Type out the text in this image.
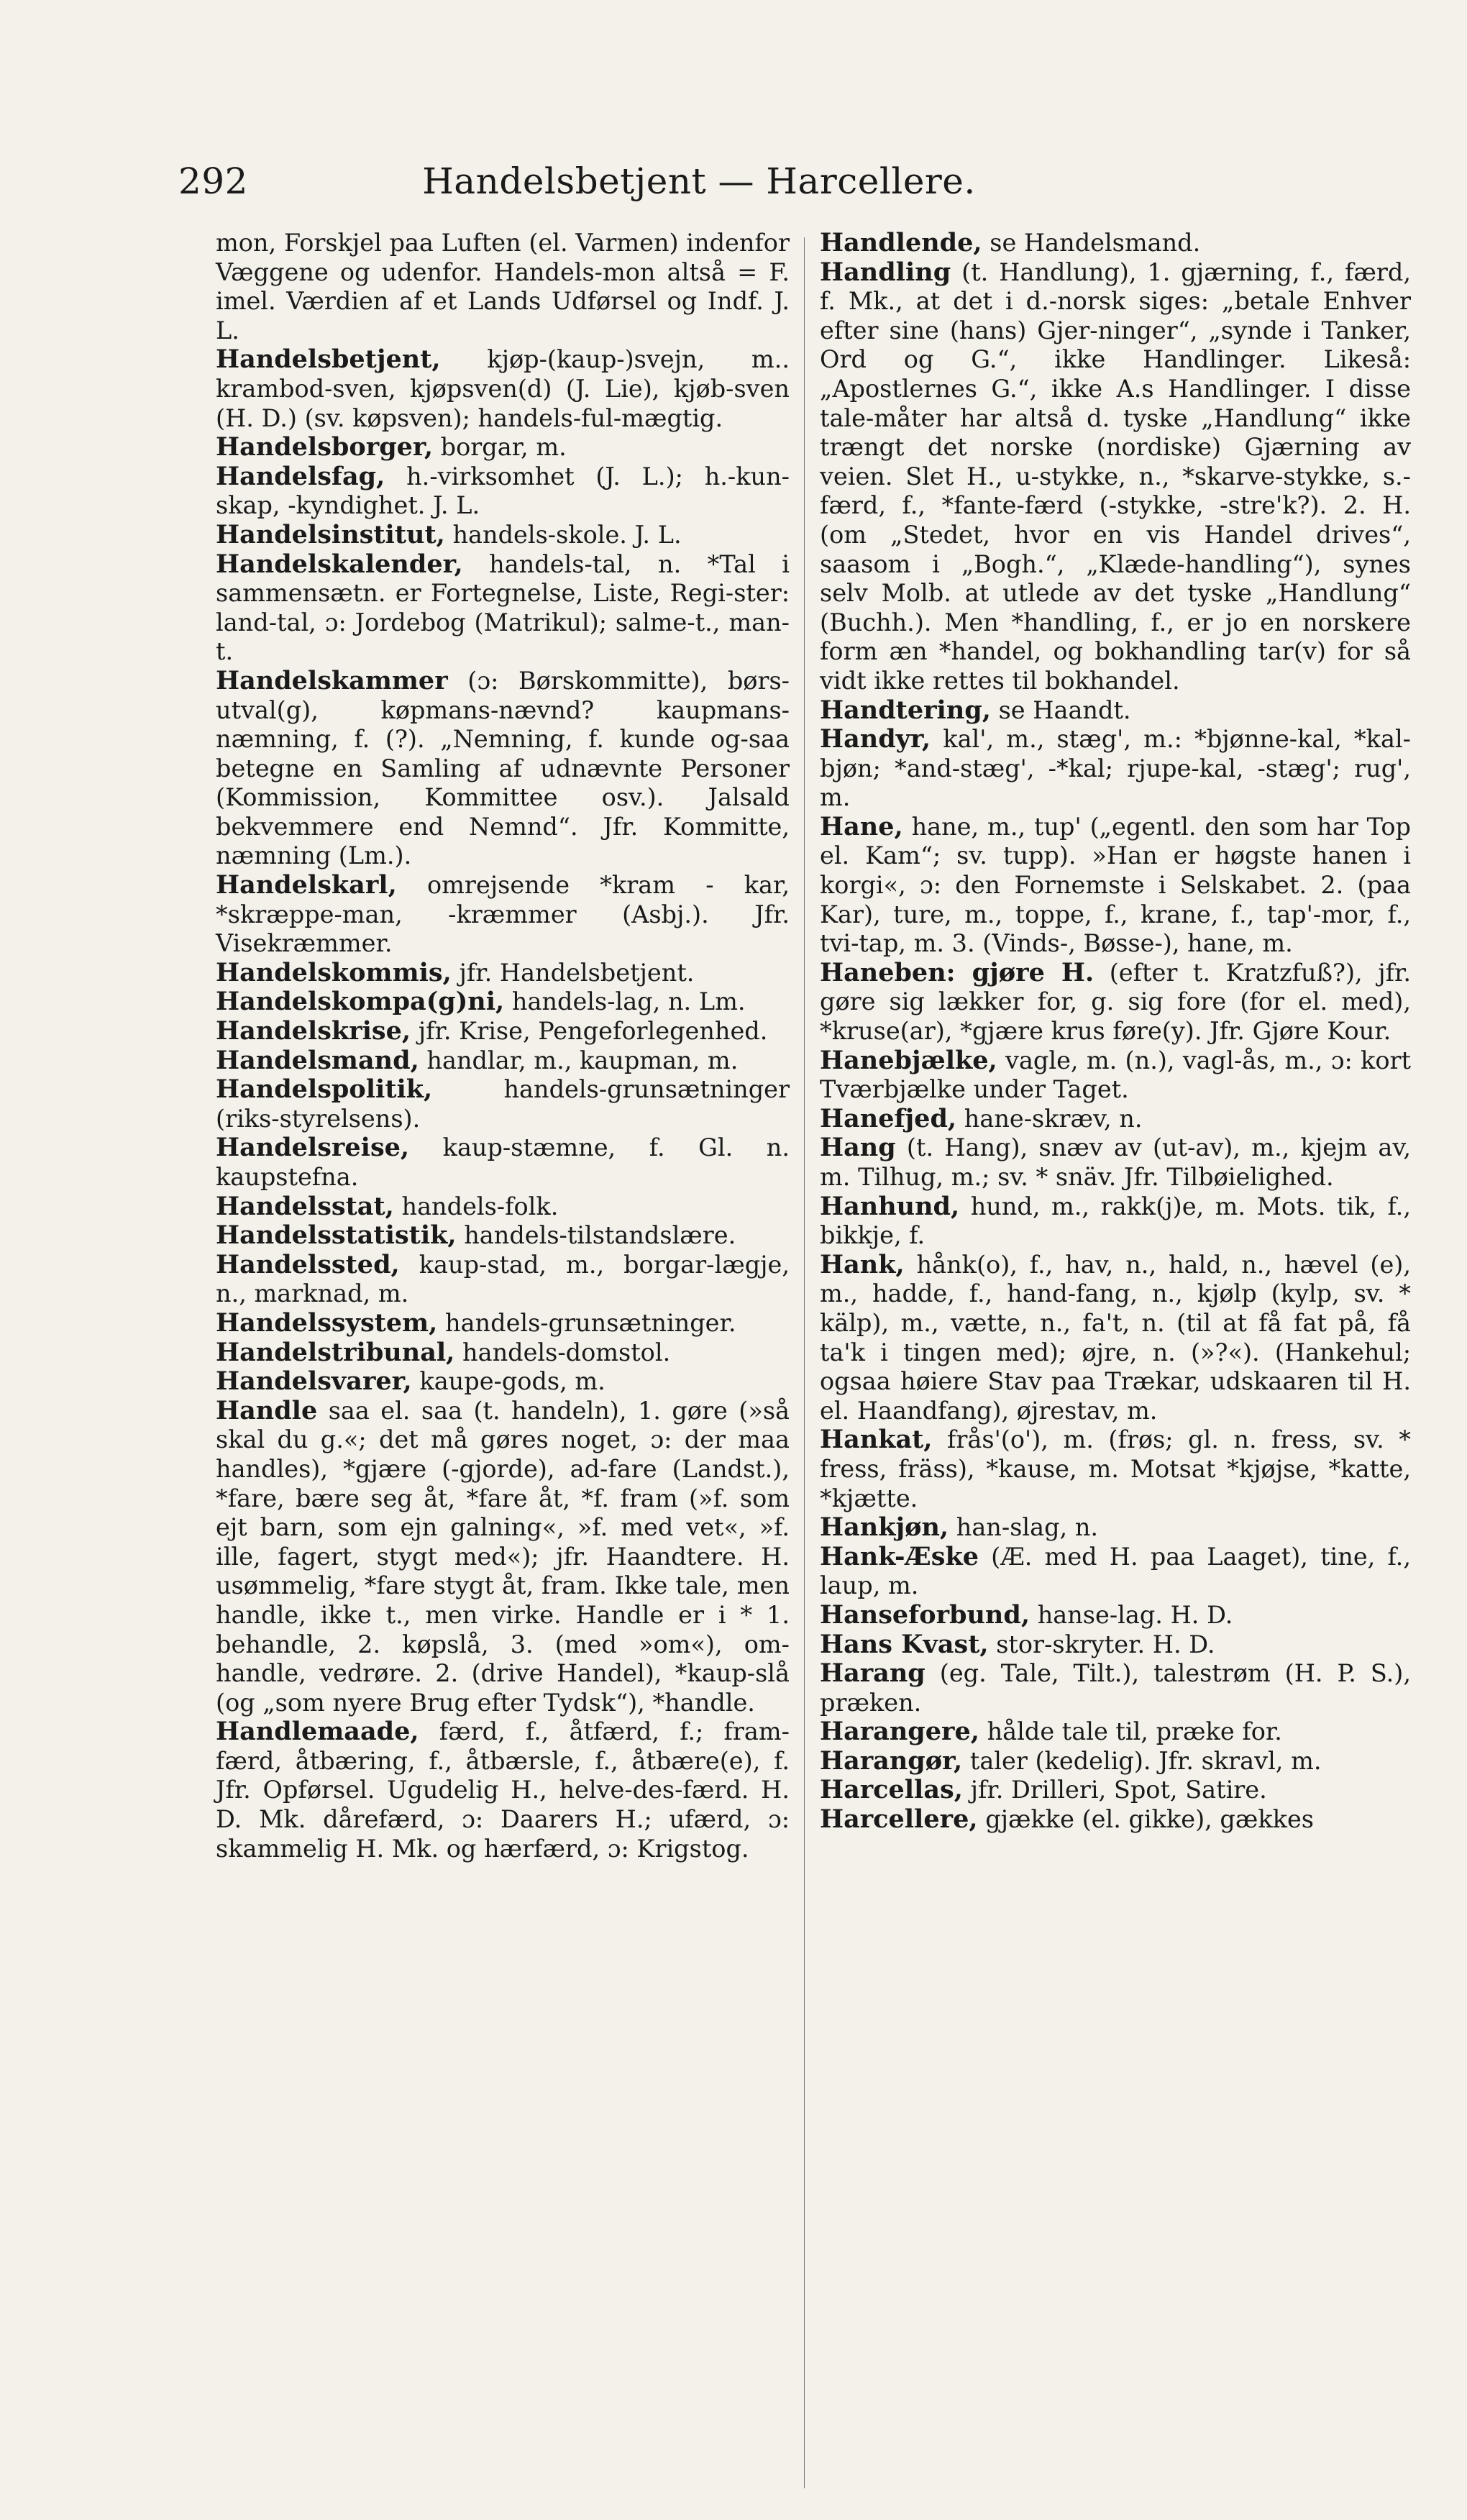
292	Handelsbetjent — Harcellere.

mon, Forskjel paa Luften (el. Varmen) indenfor Væggene og udenfor. Handels-mon altså = F. imel. Værdien af et Lands Udførsel og Indf. J. L.

Handelsbetjent, kjøp-(kaup-)svejn, m.. krambod-sven, kjøpsven(d) (J. Lie), kjøb-sven (H. D.) (sv. køpsven); handels-ful-mægtig.

Handelsborger, borgar, m.

Handelsfag, h.-virksomhet (J. L.); h.-kun-skap, -kyndighet. J. L.

Handelsinstitut, handels-skole. J. L.

Handelskalender, handels-tal, n. *Tal i sammensætn. er Fortegnelse, Liste, Regi-ster: land-tal, ɔ: Jordebog (Matrikul); salme-t., man-t.

Handelskammer (ɔ: Børskommitte), børs-utval(g), køpmans-nævnd? kaupmans-næmning, f. (?). „Nemning, f. kunde og-saa betegne en Samling af udnævnte Personer (Kommission, Kommittee osv.). Jalsald bekvemmere end Nemnd“. Jfr. Kommitte, næmning (Lm.).

Handelskarl, omrejsende *kram - kar, *skræppe-man, -kræmmer (Asbj.). Jfr. Visekræmmer.

Handelskommis, jfr. Handelsbetjent.

Handelskompa(g)ni, handels-lag, n. Lm.

Handelskrise, jfr. Krise, Pengeforlegenhed.

Handelsmand, handlar, m., kaupman, m.

Handelspolitik,	handels-grunsætninger (riks-styrelsens).

Handelsreise, kaup-stæmne, f. Gl. n. kaupstefna.

Handelsstat, handels-folk.

Handelsstatistik, handels-tilstandslære.

Handelssted, kaup-stad, m., borgar-lægje, n., marknad, m.

Handelssystem, handels-grunsætninger.

Handelstribunal, handels-domstol.

Handelsvarer, kaupe-gods, m.

Handle saa el. saa (t. handeln), 1. gøre (»så skal du g.«; det må gøres noget, ɔ: der maa handles), *gjære (-gjorde), ad-fare (Landst.), *fare, bære seg åt, *fare åt, *f. fram (»f. som ejt barn, som ejn galning«, »f. med vet«, »f. ille, fagert, stygt med«); jfr. Haandtere. H. usømmelig, *fare stygt åt, fram. Ikke tale, men handle, ikke t., men virke. Handle er i * 1. behandle, 2. køpslå, 3. (med »om«), om-handle, vedrøre. 2. (drive Handel), *kaup-slå (og „som nyere Brug efter Tydsk“), *handle.

Handlemaade, færd, f., åtfærd, f.; fram-færd, åtbæring, f., åtbærsle, f., åtbære(e), f. Jfr. Opførsel. Ugudelig H., helve-des-færd. H. D. Mk. dårefærd, ɔ: Daarers H.; ufærd, ɔ: skammelig H. Mk. og hærfærd, ɔ: Krigstog.

Handlende, se Handelsmand.

Handling (t. Handlung), 1. gjærning, f., færd, f. Mk., at det i d.-norsk siges: „betale Enhver efter sine (hans) Gjer-ninger“, „synde i Tanker, Ord og G.“, ikke Handlinger. Likeså: „Apostlernes G.“, ikke A.s Handlinger. I disse tale-måter har altså d. tyske „Handlung“ ikke trængt det norske (nordiske) Gjærning av veien. Slet H., u-stykke, n., *skarve-stykke, s.-færd, f., *fante-færd (-stykke, -stre'k?). 2. H. (om „Stedet, hvor en vis Handel drives“, saasom i „Bogh.“, „Klæde-handling“), synes selv Molb. at utlede av det tyske „Handlung“ (Buchh.). Men *handling, f., er jo en norskere form æn *handel, og bokhandling tar(v) for så vidt ikke rettes til bokhandel.

Handtering, se Haandt.

Handyr, kal', m., stæg', m.: *bjønne-kal, *kal-bjøn; *and-stæg', -*kal; rjupe-kal, -stæg'; rug', m.

Hane, hane, m., tup' („egentl. den som har Top el. Kam“; sv. tupp). »Han er høgste hanen i korgi«, ɔ: den Fornemste i Selskabet. 2. (paa Kar), ture, m., toppe, f., krane, f., tap'-mor, f., tvi-tap, m. 3. (Vinds-, Bøsse-), hane, m.

Haneben: gjøre H. (efter t. Kratzfuß?), jfr. gøre sig lækker for, g. sig fore (for el. med), *kruse(ar), *gjære krus føre(y). Jfr. Gjøre Kour.

Hanebjælke, vagle, m. (n.), vagl-ås, m., ɔ: kort Tværbjælke under Taget.

Hanefjed, hane-skræv, n.

Hang (t. Hang), snæv av (ut-av), m., kjejm av, m. Tilhug, m.; sv. * snäv. Jfr. Tilbøielighed.

Hanhund, hund, m., rakk(j)e, m. Mots. tik, f., bikkje, f.

Hank, hånk(o), f., hav, n., hald, n., hævel (e), m., hadde, f., hand-fang, n., kjølp (kylp, sv. * kälp), m., vætte, n., fa't, n. (til at få fat på, få ta'k i tingen med); øjre, n. (»?«). (Hankehul; ogsaa høiere Stav paa Trækar, udskaaren til H. el. Haandfang), øjrestav, m.

Hankat, frås'(o'), m. (frøs; gl. n. fress, sv. * fress, fräss), *kause, m. Motsat *kjøjse, *katte, *kjætte.

Hankjøn, han-slag, n.

Hank-Æske (Æ. med H. paa Laaget), tine, f., laup, m.

Hanseforbund, hanse-lag. H. D.

Hans Kvast, stor-skryter. H. D.

Harang (eg. Tale, Tilt.), talestrøm (H. P. S.), præken.

Harangere, hålde tale til, præke for.

Harangør, taler (kedelig). Jfr. skravl, m.

Harcellas, jfr. Drilleri, Spot, Satire.

Harcellere, gjække (el. gikke), gækkes
